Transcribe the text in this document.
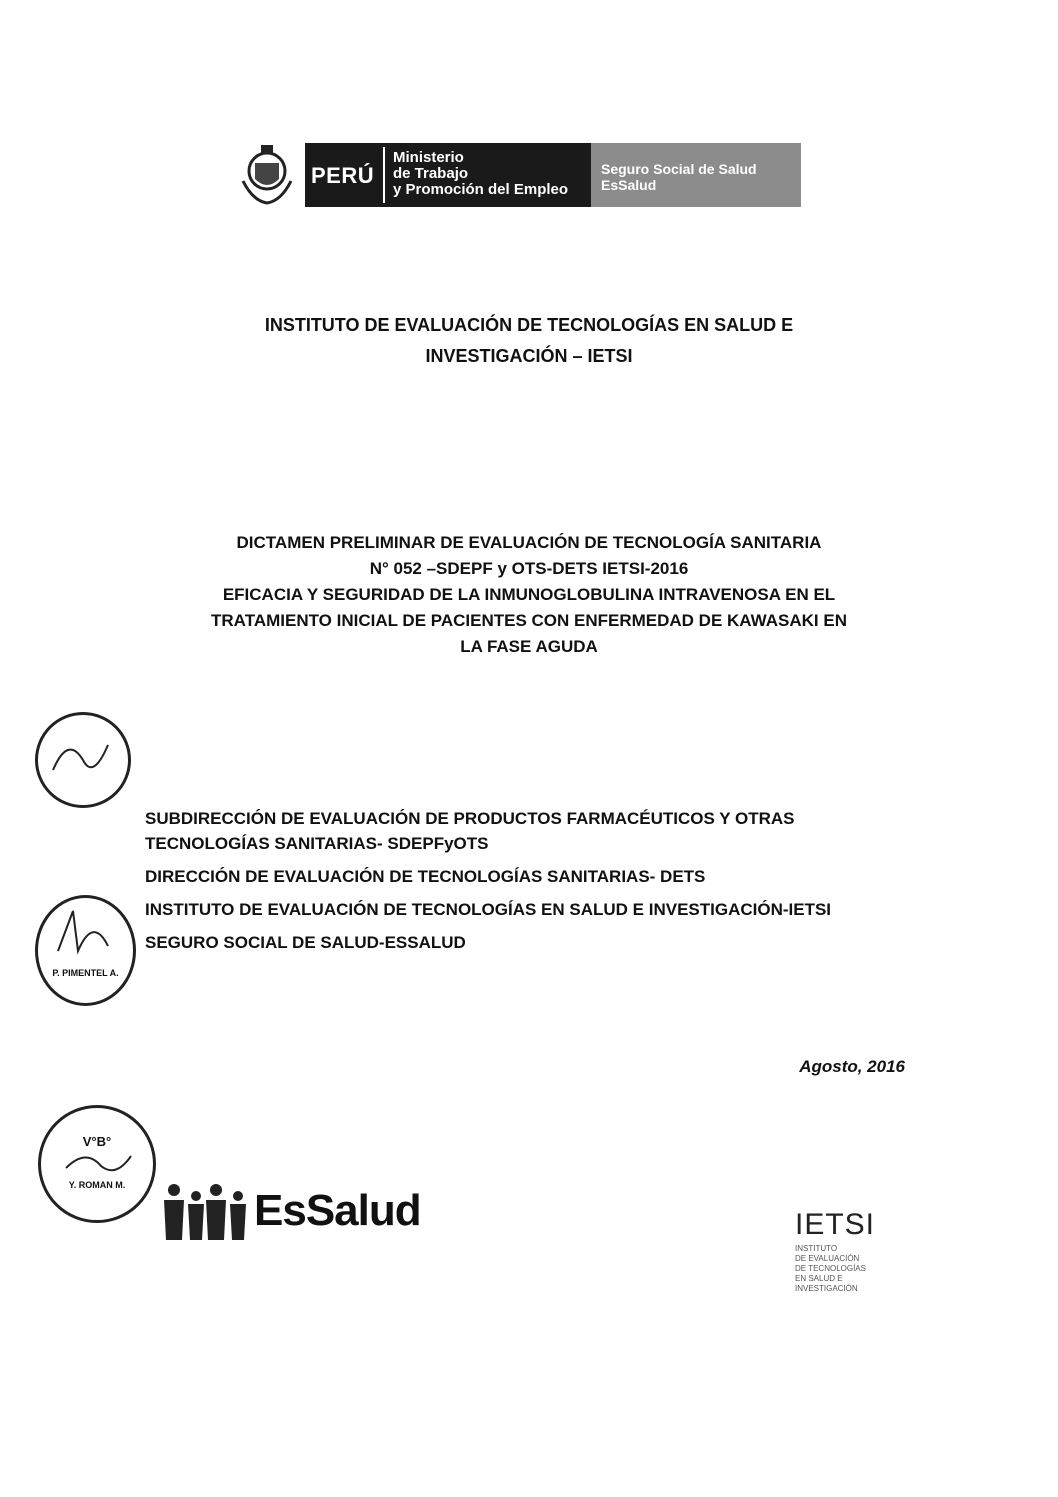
PERÚ
Ministerio
de Trabajo
y Promoción del Empleo
Seguro Social de Salud
EsSalud
INSTITUTO DE EVALUACIÓN DE TECNOLOGÍAS EN SALUD E
INVESTIGACIÓN – IETSI
DICTAMEN PRELIMINAR DE EVALUACIÓN DE TECNOLOGÍA SANITARIA
N° 052 –SDEPF y OTS-DETS IETSI-2016
EFICACIA Y SEGURIDAD DE LA INMUNOGLOBULINA INTRAVENOSA EN EL
TRATAMIENTO INICIAL DE PACIENTES CON ENFERMEDAD DE KAWASAKI EN
LA FASE AGUDA
P. PIMENTEL A.
V°B°
Y. ROMAN M.
SUBDIRECCIÓN DE EVALUACIÓN DE PRODUCTOS FARMACÉUTICOS Y OTRAS TECNOLOGÍAS SANITARIAS- SDEPFyOTS
DIRECCIÓN DE EVALUACIÓN DE TECNOLOGÍAS SANITARIAS- DETS
INSTITUTO DE EVALUACIÓN DE TECNOLOGÍAS EN SALUD E INVESTIGACIÓN-IETSI
SEGURO SOCIAL DE SALUD-ESSALUD
Agosto, 2016
EsSalud	IETSI
INSTITUTO
DE EVALUACIÓN
DE TECNOLOGÍAS
EN SALUD E
INVESTIGACIÓN
